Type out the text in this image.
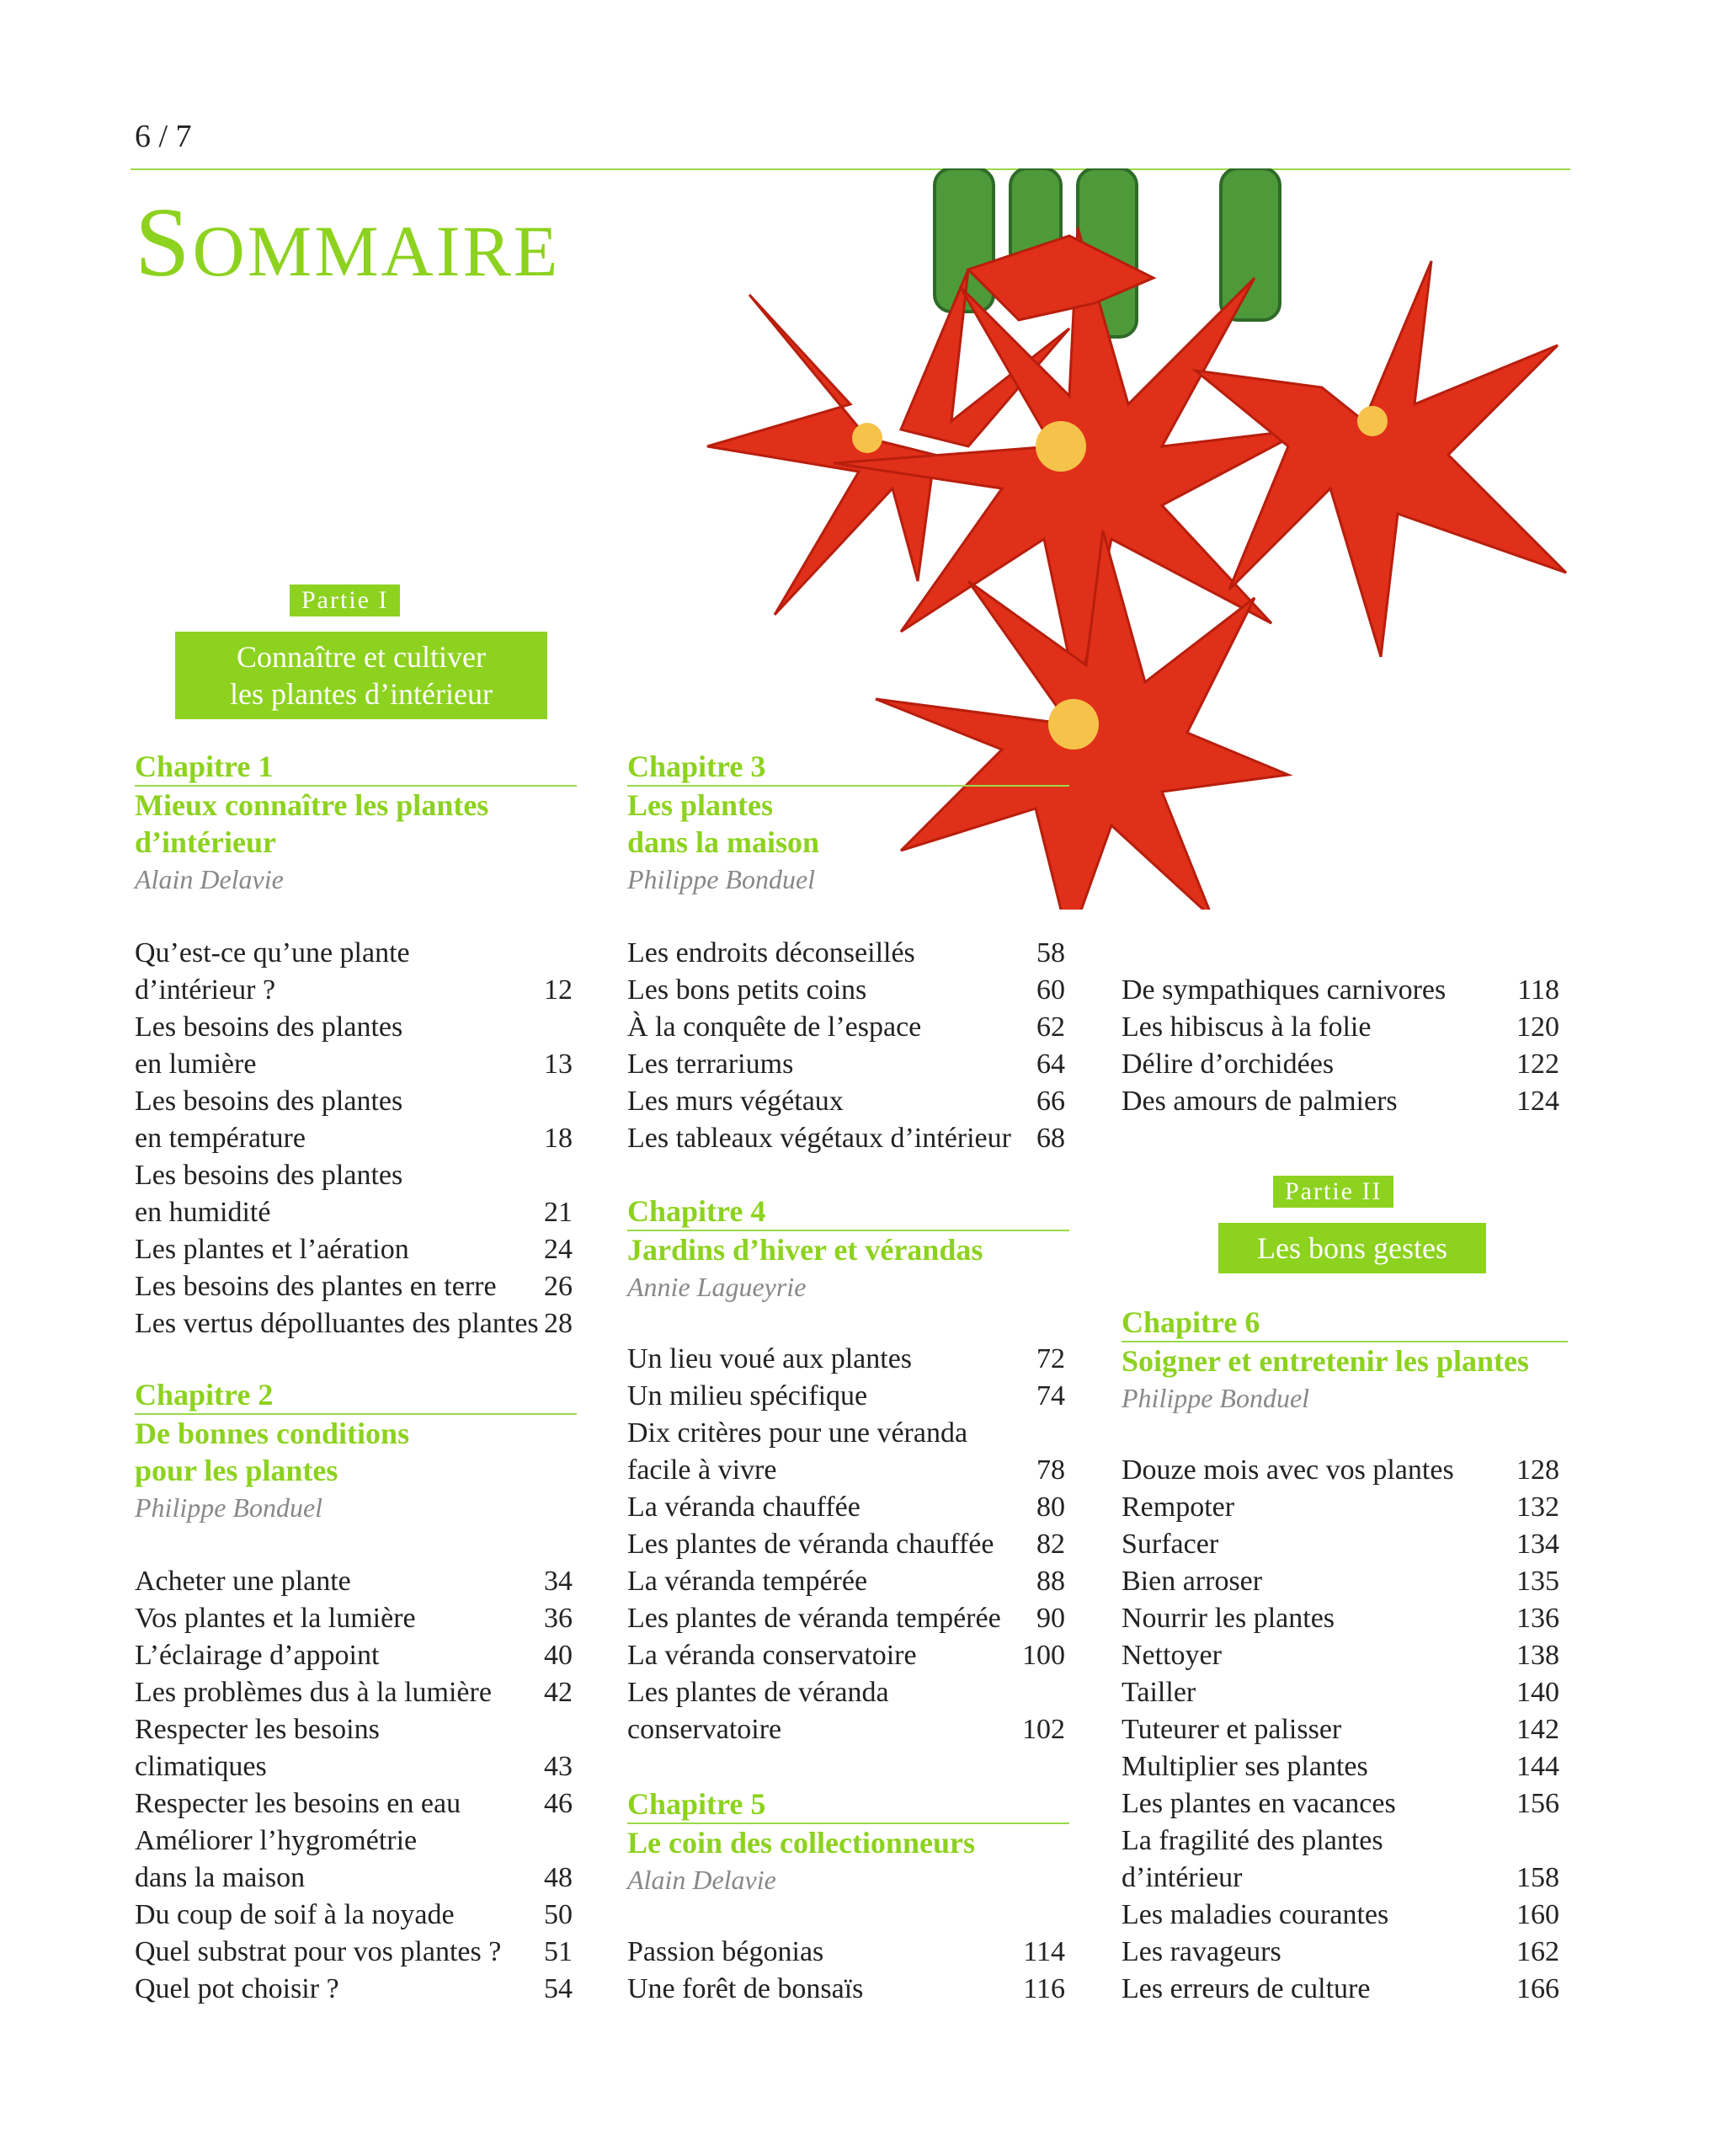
6 / 7
SOMMAIRE
Partie I
Connaître et cultiver
les plantes d’intérieur
Chapitre 1
Mieux connaître les plantes
d’intérieur
Alain Delavie
Qu’est-ce qu’une plante
d’intérieur ?	12
Les besoins des plantes
en lumière	13
Les besoins des plantes
en température	18
Les besoins des plantes
en humidité	21
Les plantes et l’aération	24
Les besoins des plantes en terre 26
Les vertus dépolluantes des plantes 28
Chapitre 2
De bonnes conditions
pour les plantes
Philippe Bonduel
Acheter une plante	34
Vos plantes et la lumière	36
L’éclairage d’appoint	40
Les problèmes dus à la lumière 42
Respecter les besoins
climatiques	43
Respecter les besoins en eau	46
Améliorer l’hygrométrie
dans la maison	48
Du coup de soif à la noyade	50
Quel substrat pour vos plantes ? 51
Quel pot choisir ?	54
Chapitre 3
Les plantes
dans la maison
Philippe Bonduel
Les endroits déconseillés	58
Les bons petits coins	60
À la conquête de l’espace	62
Les terrariums	64
Les murs végétaux	66
Les tableaux végétaux d’intérieur 68
Chapitre 4
Jardins d’hiver et vérandas
Annie Lagueyrie
Un lieu voué aux plantes	72
Un milieu spécifique	74
Dix critères pour une véranda
facile à vivre	78
La véranda chauffée	80
Les plantes de véranda chauffée 82
La véranda tempérée	88
Les plantes de véranda tempérée 90
La véranda conservatoire	100
Les plantes de véranda
conservatoire	102
Chapitre 5
Le coin des collectionneurs
Alain Delavie
Passion bégonias	114
Une forêt de bonsaïs	116
De sympathiques carnivores	118
Les hibiscus à la folie	120
Délire d’orchidées	122
Des amours de palmiers	124
Partie II
Les bons gestes
Chapitre 6
Soigner et entretenir les plantes
Philippe Bonduel
Douze mois avec vos plantes 128
Rempoter	132
Surfacer	134
Bien arroser	135
Nourrir les plantes	136
Nettoyer	138
Tailler	140
Tuteurer et palisser	142
Multiplier ses plantes	144
Les plantes en vacances	156
La fragilité des plantes
d’intérieur	158
Les maladies courantes	160
Les ravageurs	162
Les erreurs de culture	166
